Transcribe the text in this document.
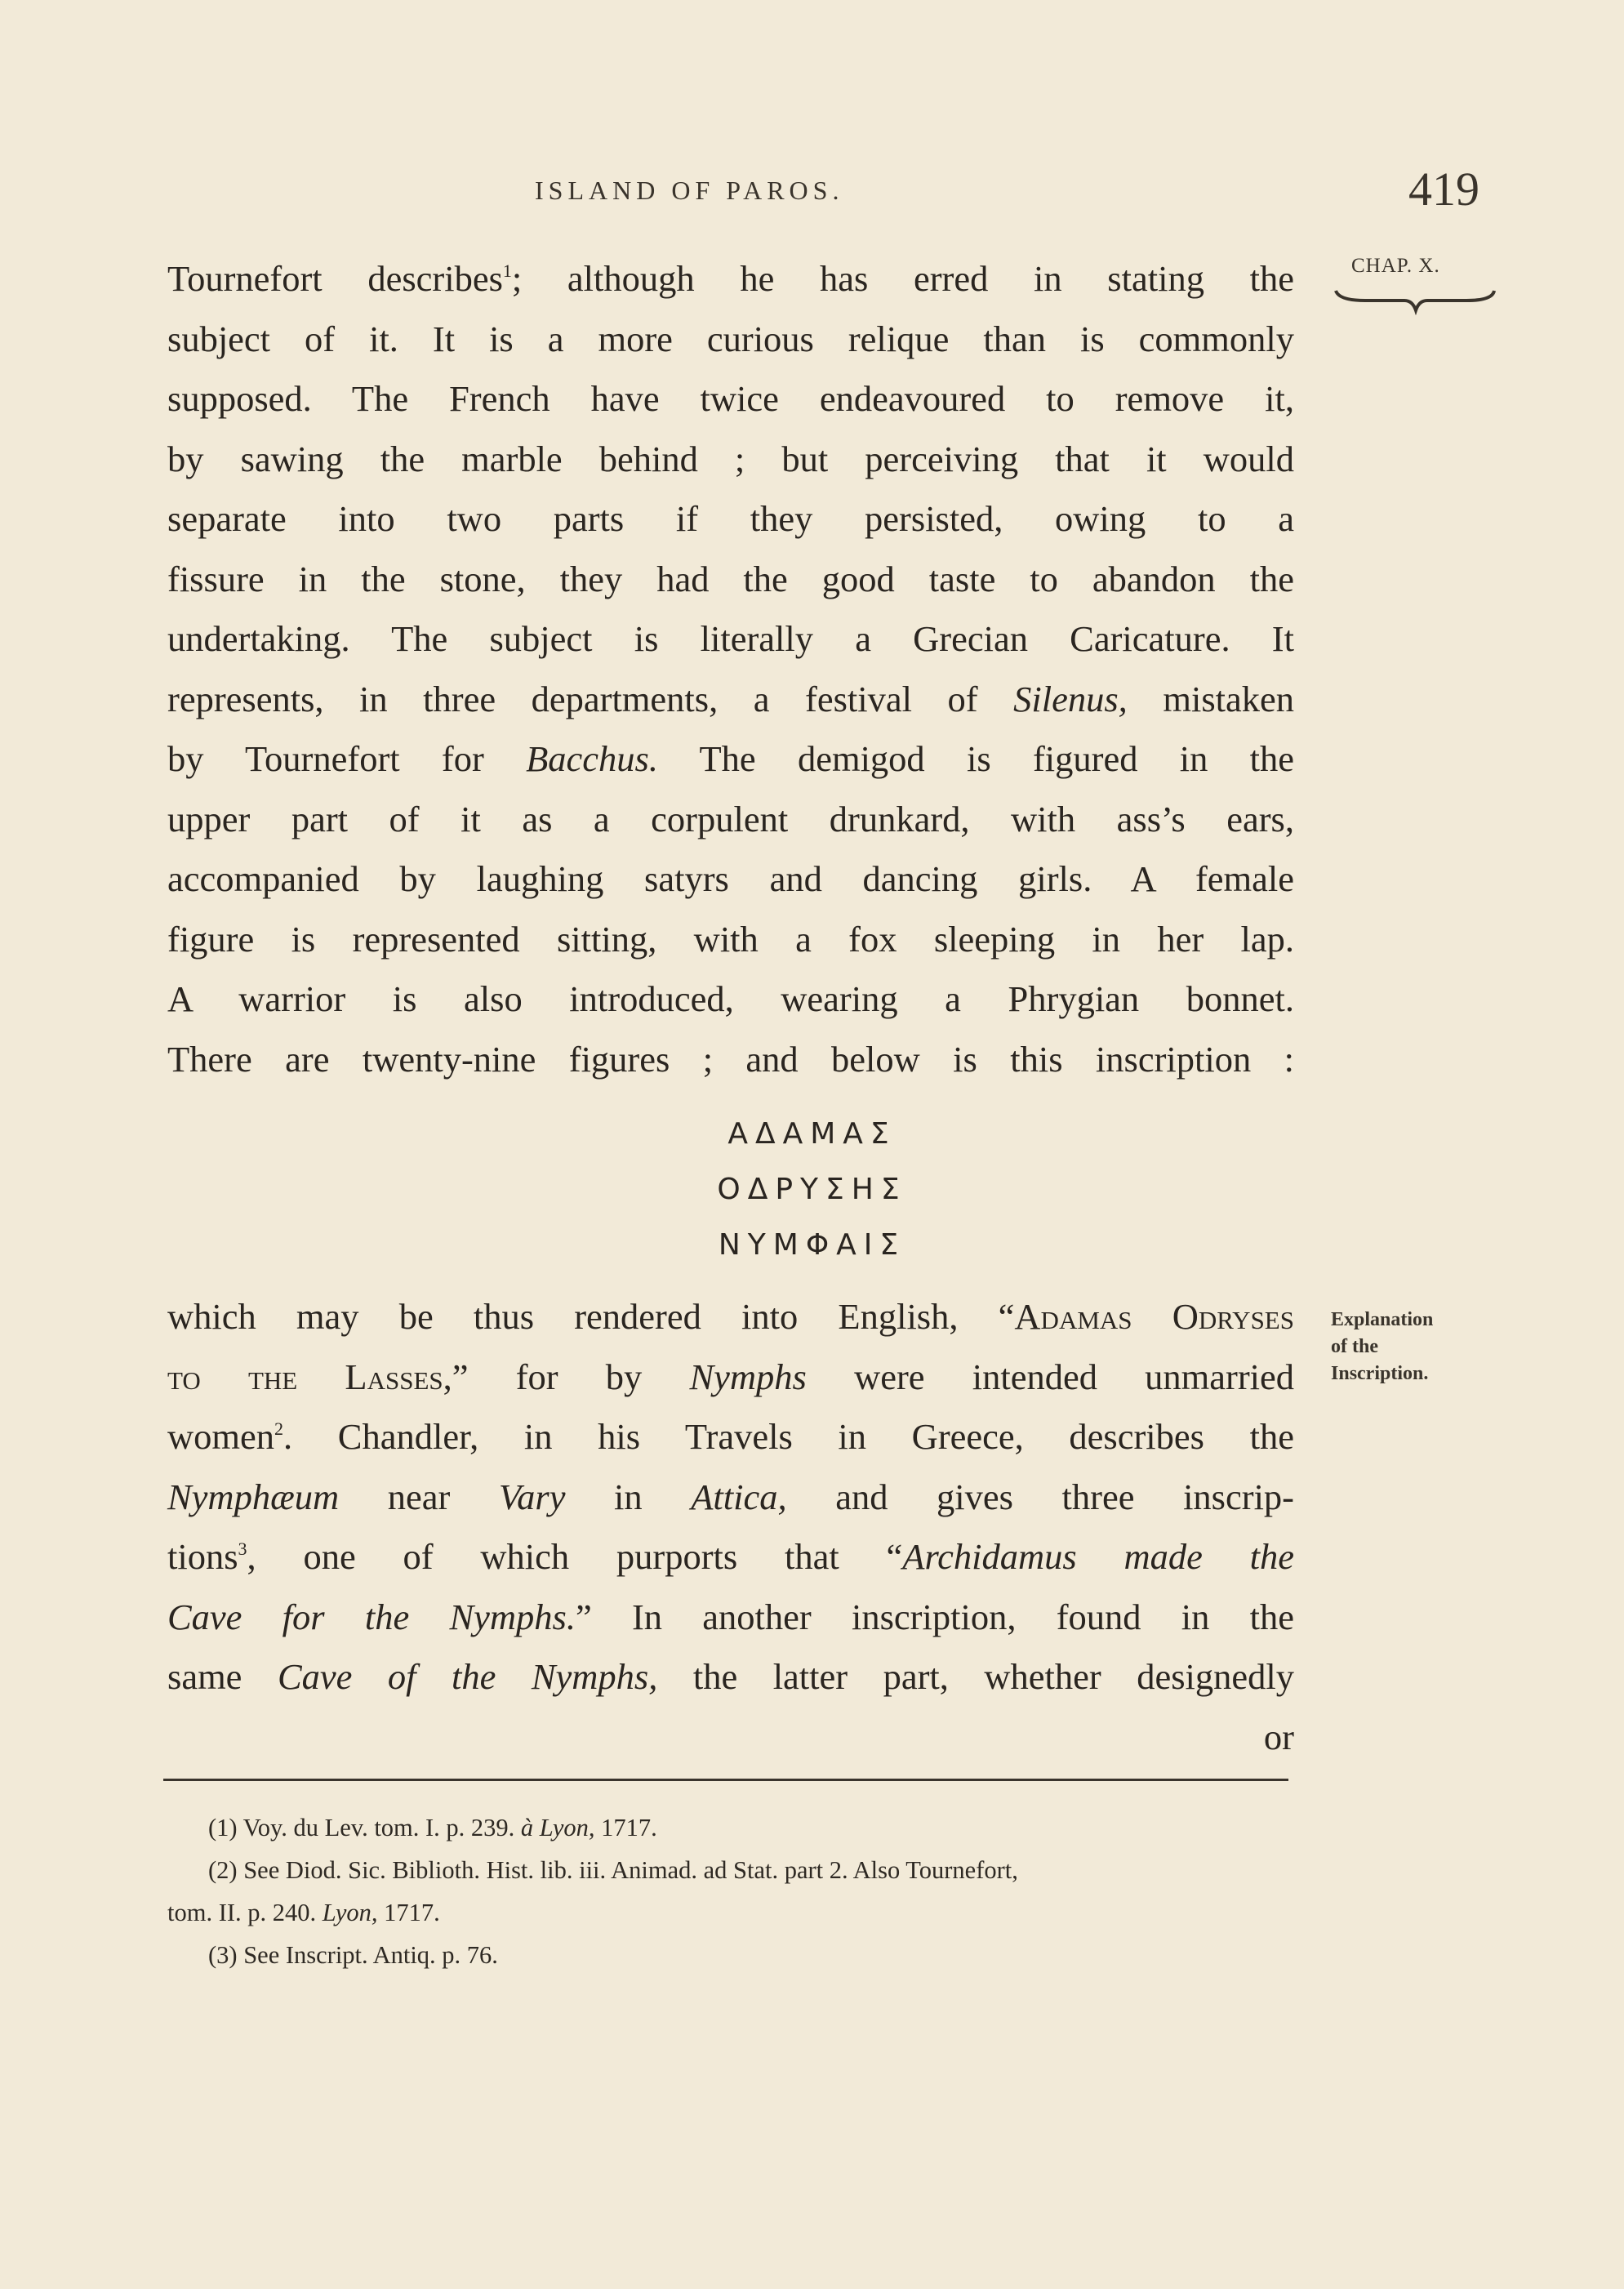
ISLAND OF PAROS.	419
CHAP. X.
Tournefort describes$^1$; although he has erred in stating the
subject of it. It is a more curious relique than is commonly
supposed. The French have twice endeavoured to remove it,
by sawing the marble behind ; but perceiving that it would
separate into two parts if they persisted, owing to a
fissure in the stone, they had the good taste to abandon the
undertaking. The subject is literally a Grecian Caricature. It
represents, in three departments, a festival of Silenus, mistaken
by Tournefort for Bacchus. The demigod is figured in the
upper part of it as a corpulent drunkard, with ass’s ears,
accompanied by laughing satyrs and dancing girls. A female
figure is represented sitting, with a fox sleeping in her lap.
A warrior is also introduced, wearing a Phrygian bonnet.
There are twenty-nine figures ; and below is this inscription :
ΑΔΑΜΑΣ
ΟΔΡΥΣΗΣ
ΝΥΜΦΑΙΣ
Explanation
of the
Inscription.
which may be thus rendered into English, “Adamas Odryses
to the Lasses,” for by Nymphs were intended unmarried
women$^2$. Chandler, in his Travels in Greece, describes the
Nymphæum near Vary in Attica, and gives three inscrip-
tions$^3$, one of which purports that “Archidamus made the
Cave for the Nymphs.” In another inscription, found in the
same Cave of the Nymphs, the latter part, whether designedly
or
(1) Voy. du Lev. tom. I. p. 239. à Lyon, 1717.
(2) See Diod. Sic. Biblioth. Hist. lib. iii. Animad. ad Stat. part 2. Also Tournefort,
tom. II. p. 240. Lyon, 1717.
(3) See Inscript. Antiq. p. 76.
